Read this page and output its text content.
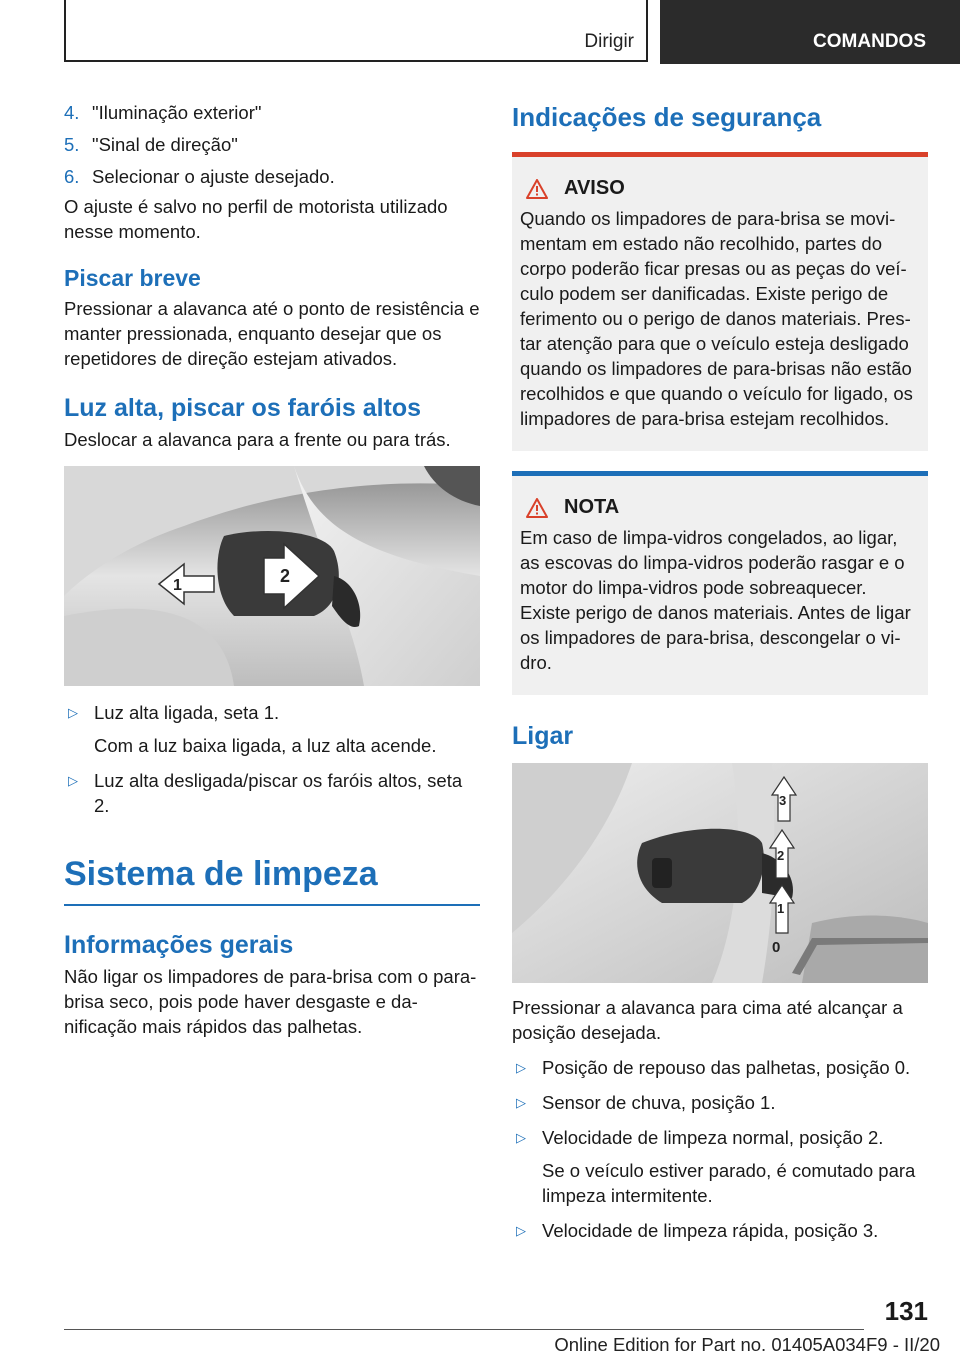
Dirigir	COMANDOS
4. "Iluminação exterior"
5. "Sinal de direção"
6. Selecionar o ajuste desejado.

O ajuste é salvo no perfil de motorista utilizado nesse momento.

Piscar breve

Pressionar a alavanca até o ponto de resistência e manter pressionada, enquanto desejar que os repetidores de direção estejam ativados.

Luz alta, piscar os faróis altos

Deslocar a alavanca para a frente ou para trás.

1	2
▷ Luz alta ligada, seta 1.
Com a luz baixa ligada, a luz alta acende.
▷ Luz alta desligada/piscar os faróis altos, seta 2.
Sistema de limpeza
Informações gerais

Não ligar os limpadores de para-brisa com o para-brisa seco, pois pode haver desgaste e danificação mais rápidos das palhetas.

Indicações de segurança
AVISO

Quando os limpadores de para-brisa se movimentam em estado não recolhido, partes do corpo poderão ficar presas ou as peças do veículo podem ser danificadas. Existe perigo de ferimento ou o perigo de danos materiais. Prestar atenção para que o veículo esteja desligado quando os limpadores de para-brisas não estão recolhidos e que quando o veículo for ligado, os limpadores de para-brisa estejam recolhidos.

NOTA

Em caso de limpa-vidros congelados, ao ligar, as escovas do limpa-vidros poderão rasgar e o motor do limpa-vidros pode sobreaquecer. Existe perigo de danos materiais. Antes de ligar os limpadores de para-brisa, descongelar o vidro.

Ligar
0
1
2
3

Pressionar a alavanca para cima até alcançar a posição desejada.

▷ Posição de repouso das palhetas, posição 0.
▷ Sensor de chuva, posição 1.
▷ Velocidade de limpeza normal, posição 2.
Se o veículo estiver parado, é comutado para limpeza intermitente.
▷ Velocidade de limpeza rápida, posição 3.
131
Online Edition for Part no. 01405A034F9 - II/20
